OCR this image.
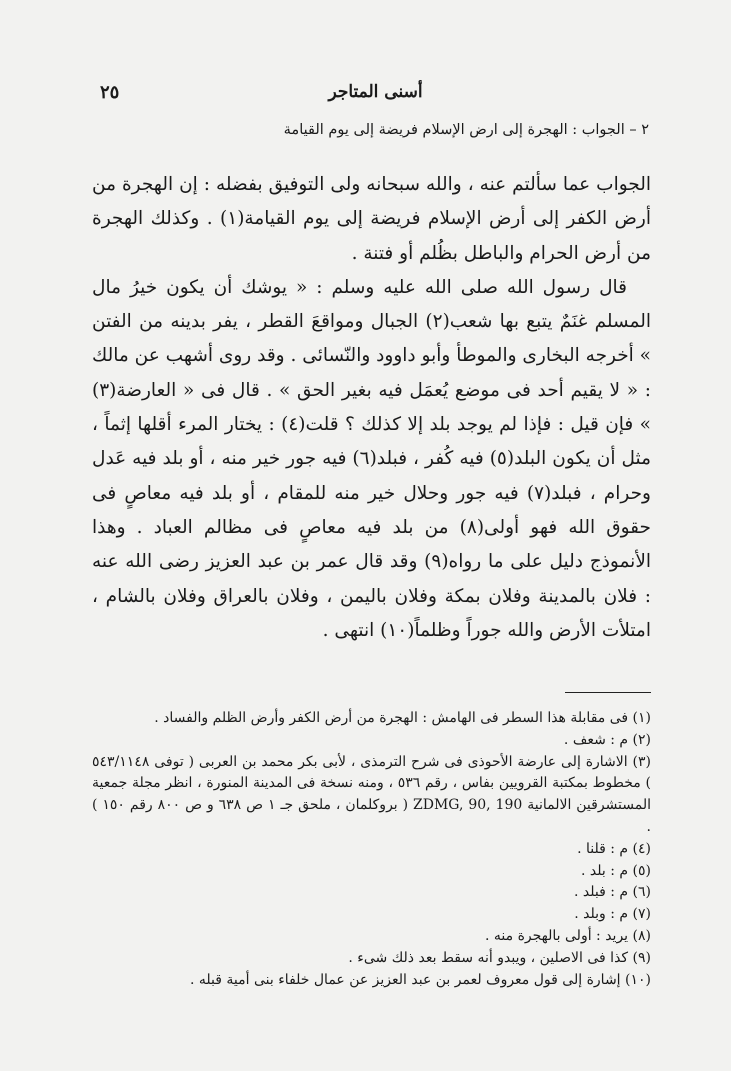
أسنى المتاجر
٢٥
٢ – الجواب : الهجرة إلى ارض الإسلام فريضة إلى يوم القيامة

الجواب عما سألتم عنه ، والله سبحانه ولى التوفيق بفضله : إن الهجرة من أرض الكفر إلى أرض الإسلام فريضة إلى يوم القيامة(١) . وكذلك الهجرة من أرض الحرام والباطل بظُلم أو فتنة .

قال رسول الله صلى الله عليه وسلم : « يوشك أن يكون خيرُ مال المسلم غنَمٌ يتبع بها شعب(٢) الجبال ومواقعَ القطر ، يفر بدينه من الفتن » أخرجه البخارى والموطأ وأبو داوود والنّسائى . وقد روى أشهب عن مالك : « لا يقيم أحد فى موضع يُعمَل فيه بغير الحق » . قال فى « العارضة(٣) » فإن قيل : فإذا لم يوجد بلد إلا كذلك ؟ قلت(٤) : يختار المرء أقلها إثماً ، مثل أن يكون البلد(٥) فيه كُفر ، فبلد(٦) فيه جور خير منه ، أو بلد فيه عَدل وحرام ، فبلد(٧) فيه جور وحلال خير منه للمقام ، أو بلد فيه معاصٍ فى حقوق الله فهو أولى(٨) من بلد فيه معاصٍ فى مظالم العباد . وهذا الأنموذج دليل على ما رواه(٩) وقد قال عمر بن عبد العزيز رضى الله عنه : فلان بالمدينة وفلان بمكة وفلان باليمن ، وفلان بالعراق وفلان بالشام ، امتلأت الأرض والله جوراً وظلماً(١٠) انتهى .

(١) فى مقابلة هذا السطر فى الهامش : الهجرة من أرض الكفر وأرض الظلم والفساد .
(٢) م : شعف .
(٣) الاشارة إلى عارضة الأحوذى فى شرح الترمذى ، لأبى بكر محمد بن العربى ( توفى ٥٤٣/١١٤٨ ) مخطوط بمكتبة القرويين بفاس ، رقم ٥٣٦ ، ومنه نسخة فى المدينة المنورة ، انظر مجلة جمعية المستشرقين الالمانية ZDMG, 90, 190 ( بروكلمان ، ملحق جـ ١ ص ٦٣٨ و ص ٨٠٠ رقم ١٥٠ ) .
(٤) م : قلنا .
(٥) م : بلد .
(٦) م : فبلد .
(٧) م : وبلد .
(٨) يريد : أولى بالهجرة منه .
(٩) كذا فى الاصلين ، ويبدو أنه سقط بعد ذلك شىء .
(١٠) إشارة إلى قول معروف لعمر بن عبد العزيز عن عمال خلفاء بنى أمية قبله .
